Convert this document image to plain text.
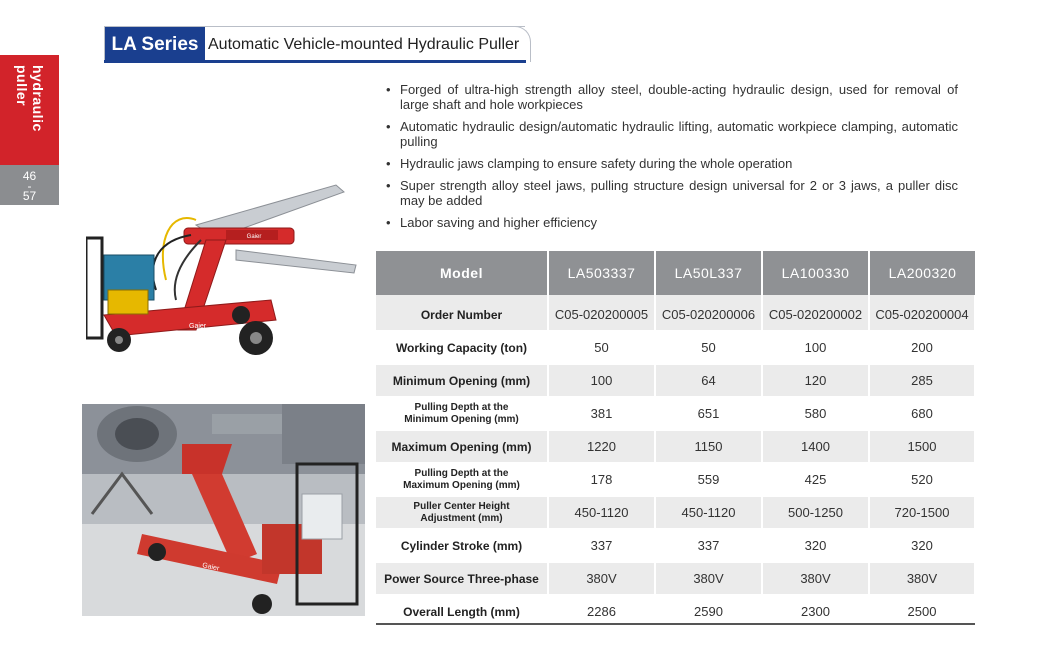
LA Series Automatic Vehicle-mounted Hydraulic Puller
hydraulic puller
46
-
57
• Forged of ultra-high strength alloy steel, double-acting hydraulic design, used for removal of large shaft and hole workpieces
• Automatic hydraulic design/automatic hydraulic lifting, automatic workpiece clamping, automatic pulling
• Hydraulic jaws clamping to ensure safety during the whole operation
• Super strength alloy steel jaws, pulling structure design universal for 2 or 3 jaws, a puller disc may be added
• Labor saving and higher efficiency
Gaier
Gaier
Gaier
Model	LA503337	LA50L337	LA100330	LA200320
Order Number	C05-020200005	C05-020200006	C05-020200002	C05-020200004
Working Capacity (ton)	50	50	100	200
Minimum Opening (mm)	100	64	120	285

Pulling Depth at the
Minimum Opening (mm)	381	651	580	680
Maximum Opening (mm)	1220	1150	1400	1500

Pulling Depth at the
Maximum Opening (mm)	178	559	425	520

Puller Center Height
Adjustment (mm)	450-1120	450-1120	500-1250	720-1500
Cylinder Stroke (mm)	337	337	320	320
Power Source Three-phase	380V	380V	380V	380V
Overall Length (mm)	2286	2590	2300	2500
